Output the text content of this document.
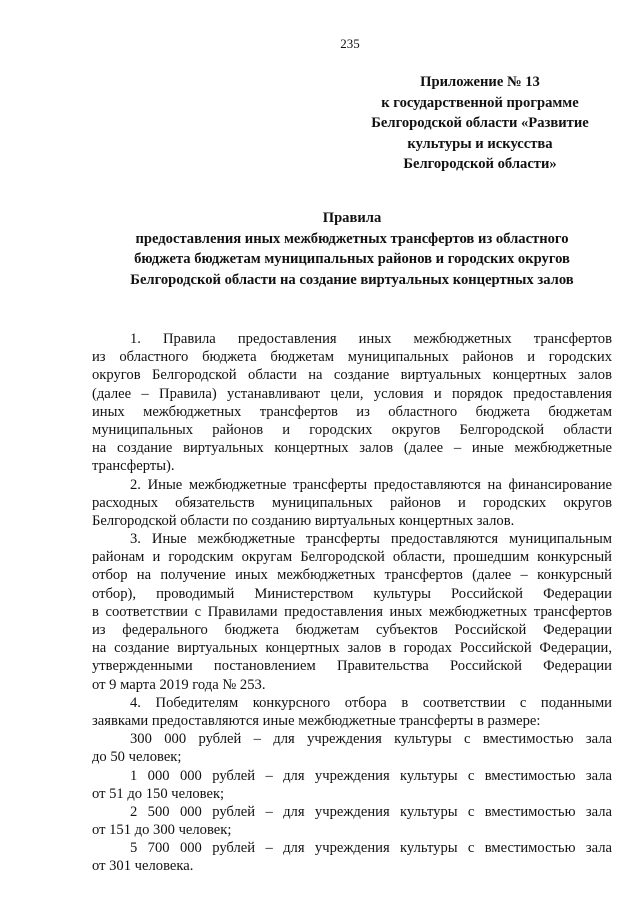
235
Приложение № 13
к государственной программе
Белгородской области «Развитие
культуры и искусства
Белгородской области»
Правила
предоставления иных межбюджетных трансфертов из областного
бюджета бюджетам муниципальных районов и городских округов
Белгородской области на создание виртуальных концертных залов
1. Правила предоставления иных межбюджетных трансфертов
из областного бюджета бюджетам муниципальных районов и городских
округов Белгородской области на создание виртуальных концертных залов
(далее – Правила) устанавливают цели, условия и порядок предоставления
иных межбюджетных трансфертов из областного бюджета бюджетам
муниципальных районов и городских округов Белгородской области
на создание виртуальных концертных залов (далее – иные межбюджетные
трансферты).
2. Иные межбюджетные трансферты предоставляются на финансирование
расходных обязательств муниципальных районов и городских округов
Белгородской области по созданию виртуальных концертных залов.
3. Иные межбюджетные трансферты предоставляются муниципальным
районам и городским округам Белгородской области, прошедшим конкурсный
отбор на получение иных межбюджетных трансфертов (далее – конкурсный
отбор), проводимый Министерством культуры Российской Федерации
в соответствии с Правилами предоставления иных межбюджетных трансфертов
из федерального бюджета бюджетам субъектов Российской Федерации
на создание виртуальных концертных залов в городах Российской Федерации,
утвержденными постановлением Правительства Российской Федерации
от 9 марта 2019 года № 253.
4. Победителям конкурсного отбора в соответствии с поданными
заявками предоставляются иные межбюджетные трансферты в размере:
300 000 рублей – для учреждения культуры с вместимостью зала
до 50 человек;
1 000 000 рублей – для учреждения культуры с вместимостью зала
от 51 до 150 человек;
2 500 000 рублей – для учреждения культуры с вместимостью зала
от 151 до 300 человек;
5 700 000 рублей – для учреждения культуры с вместимостью зала
от 301 человека.
